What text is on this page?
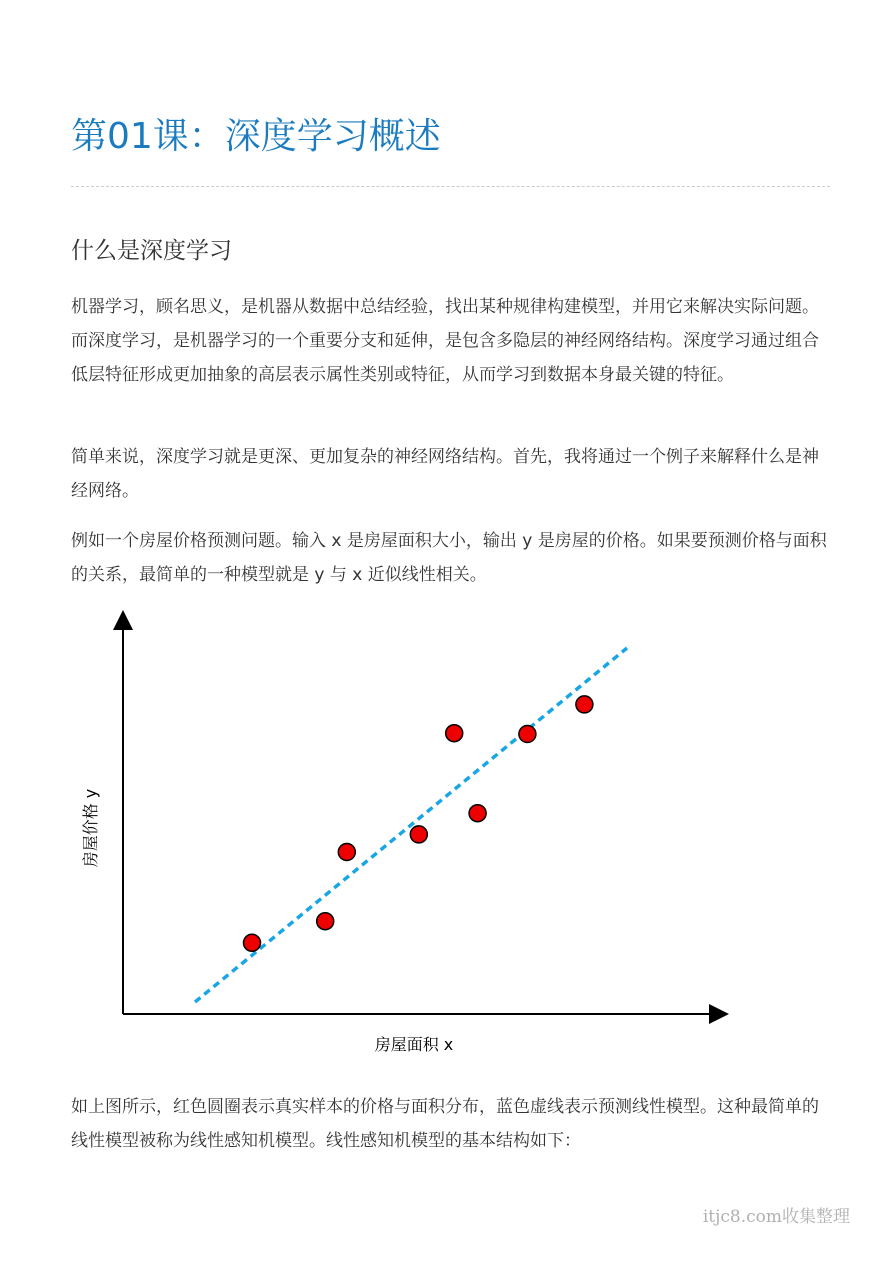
第01课：深度学习概述
什么是深度学习

机器学习，顾名思义，是机器从数据中总结经验，找出某种规律构建模型，并用它来解决实际问题。而深度学习，是机器学习的一个重要分支和延伸，是包含多隐层的神经网络结构。深度学习通过组合低层特征形成更加抽象的高层表示属性类别或特征，从而学习到数据本身最关键的特征。

简单来说，深度学习就是更深、更加复杂的神经网络结构。首先，我将通过一个例子来解释什么是神经网络。

例如一个房屋价格预测问题。输入 x 是房屋面积大小，输出 y 是房屋的价格。如果要预测价格与面积的关系，最简单的一种模型就是 y 与 x 近似线性相关。

房屋面积 x
房屋价格 y

如上图所示，红色圆圈表示真实样本的价格与面积分布，蓝色虚线表示预测线性模型。这种最简单的线性模型被称为线性感知机模型。线性感知机模型的基本结构如下：

itjc8.com收集整理
